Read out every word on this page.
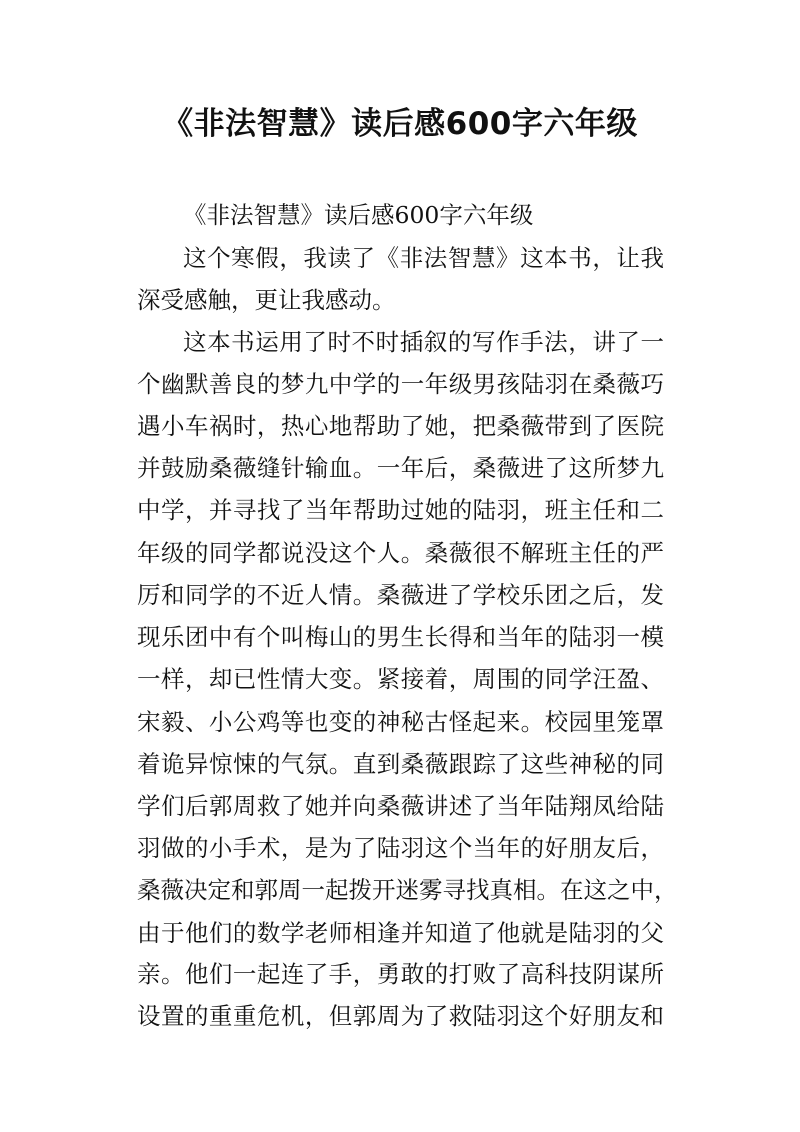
《非法智慧》读后感600字六年级
《非法智慧》读后感600字六年级
这个寒假，我读了《非法智慧》这本书，让我
深受感触，更让我感动。
这本书运用了时不时插叙的写作手法，讲了一
个幽默善良的梦九中学的一年级男孩陆羽在桑薇巧
遇小车祸时，热心地帮助了她，把桑薇带到了医院
并鼓励桑薇缝针输血。一年后，桑薇进了这所梦九
中学，并寻找了当年帮助过她的陆羽，班主任和二
年级的同学都说没这个人。桑薇很不解班主任的严
厉和同学的不近人情。桑薇进了学校乐团之后，发
现乐团中有个叫梅山的男生长得和当年的陆羽一模
一样，却已性情大变。紧接着，周围的同学汪盈、
宋毅、小公鸡等也变的神秘古怪起来。校园里笼罩
着诡异惊悚的气氛。直到桑薇跟踪了这些神秘的同
学们后郭周救了她并向桑薇讲述了当年陆翔凤给陆
羽做的小手术，是为了陆羽这个当年的好朋友后，
桑薇决定和郭周一起拨开迷雾寻找真相。在这之中，
由于他们的数学老师相逢并知道了他就是陆羽的父
亲。他们一起连了手，勇敢的打败了高科技阴谋所
设置的重重危机，但郭周为了救陆羽这个好朋友和
